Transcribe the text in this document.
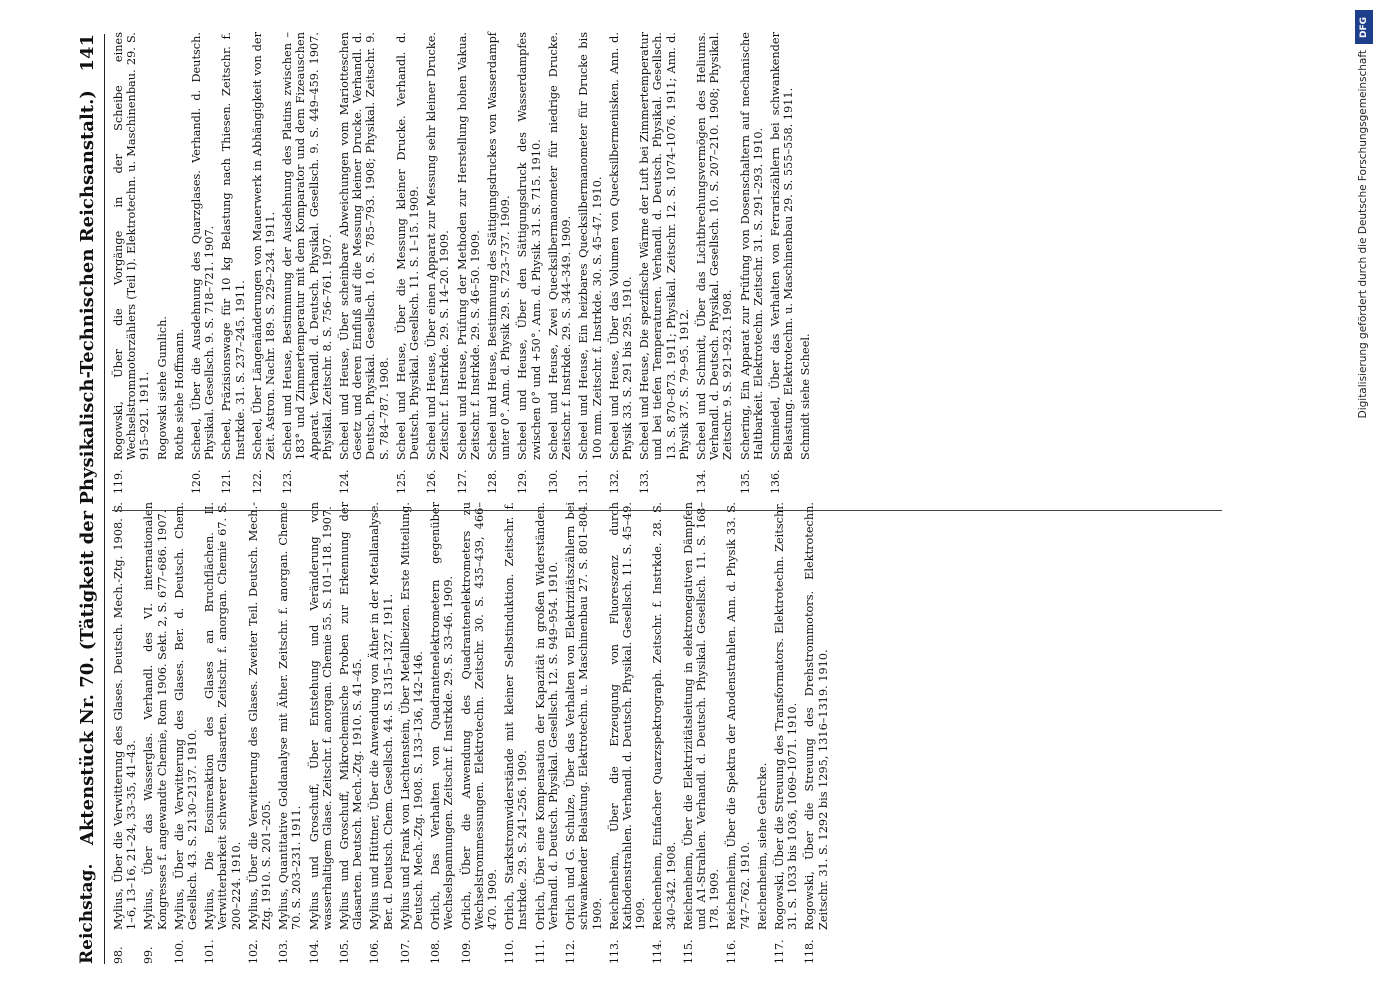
Reichstag.
Aktenstück Nr. 70. (Tätigkeit der Physikalisch-Technischen Reichsanstalt.)
141
98.
Mylius, Über die Verwitterung des Glases. Deutsch. Mech.-Ztg. 1908. S. 1–6, 13–16, 21–24, 33–35, 41–43.
99.
Mylius, Über das Wasserglas. Verhandl. des VI. internationalen Kongresses f. angewandte Chemie, Rom 1906. Sekt. 2, S. 677–686. 1907.
100.
Mylius, Über die Verwitterung des Glases. Ber. d. Deutsch. Chem. Gesellsch. 43. S. 2130–2137. 1910.
101.
Mylius, Die Eosinreaktion des Glases an Bruchflächen. II. Verwitterbarkeit schwerer Glasarten. Zeitschr. f. anorgan. Chemie 67. S. 200–224. 1910.
102.
Mylius, Über die Verwitterung des Glases. Zweiter Teil. Deutsch. Mech.-Ztg. 1910. S. 201–205.
103.
Mylius, Quantitative Goldanalyse mit Äther. Zeitschr. f. anorgan. Chemie 70. S. 203–231. 1911.
104.
Mylius und Groschuff, Über Entstehung und Veränderung von wasserhaltigem Glase. Zeitschr. f. anorgan. Chemie 55. S. 101–118. 1907.
105.
Mylius und Groschuff, Mikrochemische Proben zur Erkennung der Glasarten. Deutsch. Mech.-Ztg. 1910. S. 41–45.
106.
Mylius und Hüttner, Über die Anwendung von Äther in der Metallanalyse. Ber. d. Deutsch. Chem. Gesellsch. 44. S. 1315–1327. 1911.
107.
Mylius und Frank von Liechtenstein, Über Metallbeizen. Erste Mitteilung. Deutsch. Mech.-Ztg. 1908. S. 133–136, 142–146.
108.
Orlich, Das Verhalten von Quadrantenelektrometern gegenüber Wechselspannungen. Zeitschr. f. Instrkde. 29. S. 33–46. 1909.
109.
Orlich, Über die Anwendung des Quadrantenelektrometers zu Wechselstrommessungen. Elektrotechn. Zeitschr. 30. S. 435–439, 466–470. 1909.
110.
Orlich, Starkstromwiderstände mit kleiner Selbstinduktion. Zeitschr. f. Instrkde. 29. S. 241–256. 1909.
111.
Orlich, Über eine Kompensation der Kapazität in großen Widerständen. Verhandl. d. Deutsch. Physikal. Gesellsch. 12. S. 949–954. 1910.
112.
Orlich und G. Schulze, Über das Verhalten von Elektrizitätszählern bei schwankender Belastung. Elektrotechn. u. Maschinenbau 27. S. 801–804. 1909.
113.
Reichenheim, Über die Erzeugung von Fluoreszenz durch Kathodenstrahlen. Verhandl. d. Deutsch. Physikal. Gesellsch. 11. S. 45–49. 1909.
114.
Reichenheim, Einfacher Quarzspektrograph. Zeitschr. f. Instrkde. 28. S. 340–342. 1908.
115.
Reichenheim, Über die Elektrizitätsleitung in elektronegativen Dämpfen und A1-Strahlen. Verhandl. d. Deutsch. Physikal. Gesellsch. 11. S. 168–178. 1909.
116.
Reichenheim, Über die Spektra der Anodenstrahlen. Ann. d. Physik 33. S. 747–762. 1910. Reichenheim, siehe Gehrcke.
117.
Rogowski, Über die Streuung des Transformators. Elektrotechn. Zeitschr. 31. S. 1033 bis 1036, 1069–1071. 1910.
118.
Rogowski, Über die Streuung des Drehstrommotors. Elektrotechn. Zeitschr. 31. S. 1292 bis 1295, 1316–1319. 1910.
119.
Rogowski, Über die Vorgänge in der Scheibe eines Wechselstrommotorzählers (Teil I). Elektrotechn. u. Maschinenbau. 29. S. 915–921. 1911. Rogowski siehe Gumlich. Rothe siehe Hoffmann.
120.
Scheel, Über die Ausdehnung des Quarzglases. Verhandl. d. Deutsch. Physikal. Gesellsch. 9. S. 718–721. 1907.
121.
Scheel, Präzisionswage für 10 kg Belastung nach Thiesen. Zeitschr. f. Instrkde. 31. S. 237–245. 1911.
122.
Scheel, Über Längenänderungen von Mauerwerk in Abhängigkeit von der Zeit. Astron. Nachr. 189. S. 229–234. 1911.
123.
Scheel und Heuse, Bestimmung der Ausdehnung des Platins zwischen –183° und Zimmertemperatur mit dem Komparator und dem Fizeauschen Apparat. Verhandl. d. Deutsch. Physikal. Gesellsch. 9. S. 449–459. 1907. Physikal. Zeitschr. 8. S. 756–761. 1907.
124.
Scheel und Heuse, Über scheinbare Abweichungen vom Mariotteschen Gesetz und deren Einfluß auf die Messung kleiner Drucke. Verhandl. d. Deutsch. Physikal. Gesellsch. 10. S. 785–793. 1908; Physikal. Zeitschr. 9. S. 784–787. 1908.
125.
Scheel und Heuse, Über die Messung kleiner Drucke. Verhandl. d. Deutsch. Physikal. Gesellsch. 11. S. 1–15. 1909.
126.
Scheel und Heuse, Über einen Apparat zur Messung sehr kleiner Drucke. Zeitschr. f. Instrkde. 29. S. 14–20. 1909.
127.
Scheel und Heuse, Prüfung der Methoden zur Herstellung hohen Vakua. Zeitschr. f. Instrkde. 29. S. 46–50. 1909.
128.
Scheel und Heuse, Bestimmung des Sättigungsdruckes von Wasserdampf unter 0°. Ann. d. Physik 29. S. 723–737. 1909.
129.
Scheel und Heuse, Über den Sättigungsdruck des Wasserdampfes zwischen 0° und +50°. Ann. d. Physik. 31. S. 715. 1910.
130.
Scheel und Heuse, Zwei Quecksilbermanometer für niedrige Drucke. Zeitschr. f. Instrkde. 29. S. 344–349. 1909.
131.
Scheel und Heuse, Ein heizbares Quecksilbermanometer für Drucke bis 100 mm. Zeitschr. f. Instrkde. 30. S. 45–47. 1910.
132.
Scheel und Heuse, Über das Volumen von Quecksilbermenisken. Ann. d. Physik 33. S. 291 bis 295. 1910.
133.
Scheel und Heuse, Die spezifische Wärme der Luft bei Zimmertemperatur und bei tiefen Temperaturen. Verhandl. d. Deutsch. Physikal. Gesellsch. 13. S. 870–873. 1911; Physikal. Zeitschr. 12. S. 1074–1076. 1911; Ann. d. Physik 37. S. 79–95. 1912.
134.
Scheel und Schmidt, Über das Lichtbrechungsvermögen des Heliums. Verhandl. d. Deutsch. Physikal. Gesellsch. 10. S. 207–210. 1908; Physikal. Zeitschr. 9. S. 921–923. 1908.
135.
Schering, Ein Apparat zur Prüfung von Dosenschaltern auf mechanische Haltbarkeit. Elektrotechn. Zeitschr. 31. S. 291–293. 1910.
136.
Schmiedel, Über das Verhalten von Ferrariszählern bei schwankender Belastung. Elektrotechn. u. Maschinenbau 29. S. 555–558. 1911. Schmidt siehe Scheel.
DFG
Digitalisierung gefördert durch die Deutsche Forschungsgemeinschaft
